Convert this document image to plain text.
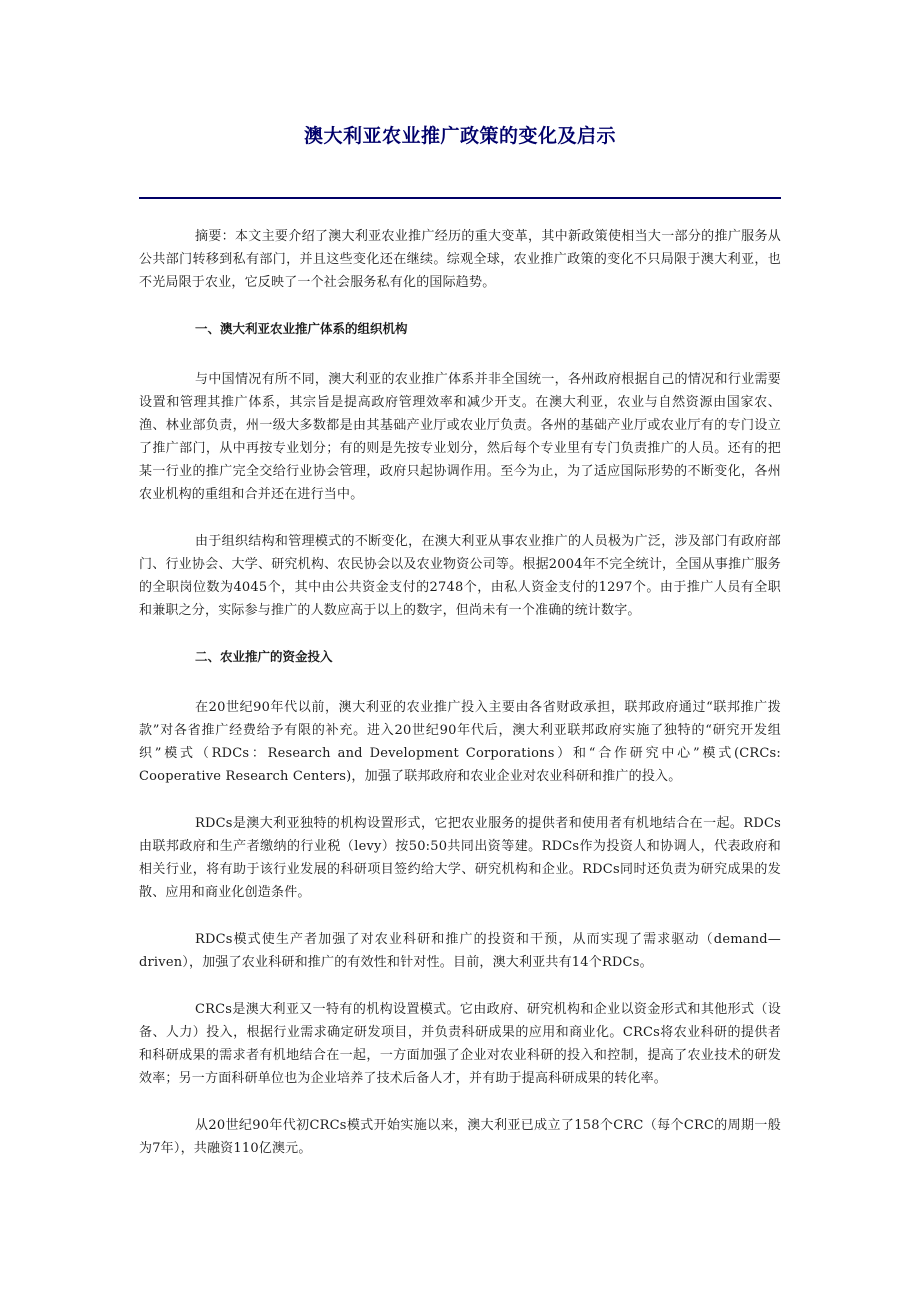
澳大利亚农业推广政策的变化及启示

摘要：本文主要介绍了澳大利亚农业推广经历的重大变革，其中新政策使相当大一部分的推广服务从公共部门转移到私有部门，并且这些变化还在继续。综观全球，农业推广政策的变化不只局限于澳大利亚，也不光局限于农业，它反映了一个社会服务私有化的国际趋势。

一、澳大利亚农业推广体系的组织机构

与中国情况有所不同，澳大利亚的农业推广体系并非全国统一，各州政府根据自己的情况和行业需要设置和管理其推广体系，其宗旨是提高政府管理效率和减少开支。在澳大利亚，农业与自然资源由国家农、渔、林业部负责，州一级大多数都是由其基础产业厅或农业厅负责。各州的基础产业厅或农业厅有的专门设立了推广部门，从中再按专业划分；有的则是先按专业划分，然后每个专业里有专门负责推广的人员。还有的把某一行业的推广完全交给行业协会管理，政府只起协调作用。至今为止，为了适应国际形势的不断变化，各州农业机构的重组和合并还在进行当中。

由于组织结构和管理模式的不断变化，在澳大利亚从事农业推广的人员极为广泛，涉及部门有政府部门、行业协会、大学、研究机构、农民协会以及农业物资公司等。根据2004年不完全统计，全国从事推广服务的全职岗位数为4045个，其中由公共资金支付的2748个，由私人资金支付的1297个。由于推广人员有全职和兼职之分，实际参与推广的人数应高于以上的数字，但尚未有一个准确的统计数字。

二、农业推广的资金投入

在20世纪90年代以前，澳大利亚的农业推广投入主要由各省财政承担，联邦政府通过“联邦推广拨款”对各省推广经费给予有限的补充。进入20世纪90年代后，澳大利亚联邦政府实施了独特的“研究开发组织”模式（RDCs：Research and Development Corporations）和“合作研究中心”模式(CRCs: Cooperative Research Centers)，加强了联邦政府和农业企业对农业科研和推广的投入。

RDCs是澳大利亚独特的机构设置形式，它把农业服务的提供者和使用者有机地结合在一起。RDCs由联邦政府和生产者缴纳的行业税（levy）按50:50共同出资等建。RDCs作为投资人和协调人，代表政府和相关行业，将有助于该行业发展的科研项目签约给大学、研究机构和企业。RDCs同时还负责为研究成果的发散、应用和商业化创造条件。

RDCs模式使生产者加强了对农业科研和推广的投资和干预，从而实现了需求驱动（demand—driven），加强了农业科研和推广的有效性和针对性。目前，澳大利亚共有14个RDCs。

CRCs是澳大利亚又一特有的机构设置模式。它由政府、研究机构和企业以资金形式和其他形式（设备、人力）投入，根据行业需求确定研发项目，并负责科研成果的应用和商业化。CRCs将农业科研的提供者和科研成果的需求者有机地结合在一起，一方面加强了企业对农业科研的投入和控制，提高了农业技术的研发效率；另一方面科研单位也为企业培养了技术后备人才，并有助于提高科研成果的转化率。

从20世纪90年代初CRCs模式开始实施以来，澳大利亚已成立了158个CRC（每个CRC的周期一般为7年），共融资110亿澳元。
